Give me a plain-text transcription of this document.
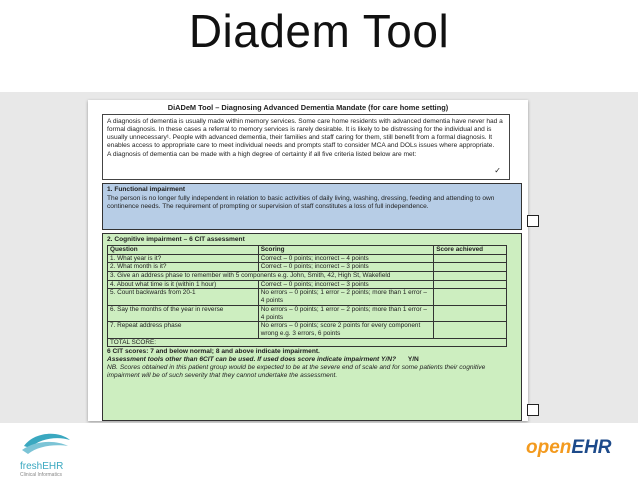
Diadem Tool
DiADeM Tool – Diagnosing Advanced Dementia Mandate (for care home setting)

A diagnosis of dementia is usually made within memory services. Some care home residents with advanced dementia have never had a formal diagnosis. In these cases a referral to memory services is rarely desirable. It is likely to be distressing for the individual and is usually unnecessary¹. People with advanced dementia, their families and staff caring for them, still benefit from a formal diagnosis. It enables access to appropriate care to meet individual needs and prompts staff to consider MCA and DOLs issues where appropriate.

A diagnosis of dementia can be made with a high degree of certainty if all five criteria listed below are met:

✓
1. Functional impairment
The person is no longer fully independent in relation to basic activities of daily living, washing, dressing, feeding and attending to own continence needs. The requirement of prompting or supervision of staff constitutes a loss of full independence.
2. Cognitive impairment – 6 CIT assessment
Question	Scoring	Score achieved
1. What year is it?	Correct – 0 points; incorrect – 4 points	
2. What month is it?	Correct – 0 points; incorrect – 3 points	
3. Give an address phase to remember with 5 components e.g. John, Smith, 42, High St, Wakefield		
4. About what time is it (within 1 hour)	Correct – 0 points; incorrect – 3 points	
5. Count backwards from 20-1	No errors – 0 points; 1 error – 2 points; more than 1 error – 4 points	
6. Say the months of the year in reverse	No errors – 0 points; 1 error – 2 points; more than 1 error – 4 points	
7. Repeat address phase	No errors – 0 points; score 2 points for every component wrong e.g. 3 errors, 6 points	
TOTAL SCORE:		

6 CIT scores: 7 and below normal; 8 and above indicate impairment.

Assessment tools other than 6CIT can be used. If used does score indicate impairment Y/N? Y/N

NB. Scores obtained in this patient group would be expected to be at the severe end of scale and for some patients their cognitive impairment will be of such severity that they cannot undertake the assessment.

freshEHR
Clinical Informatics
openEHR
